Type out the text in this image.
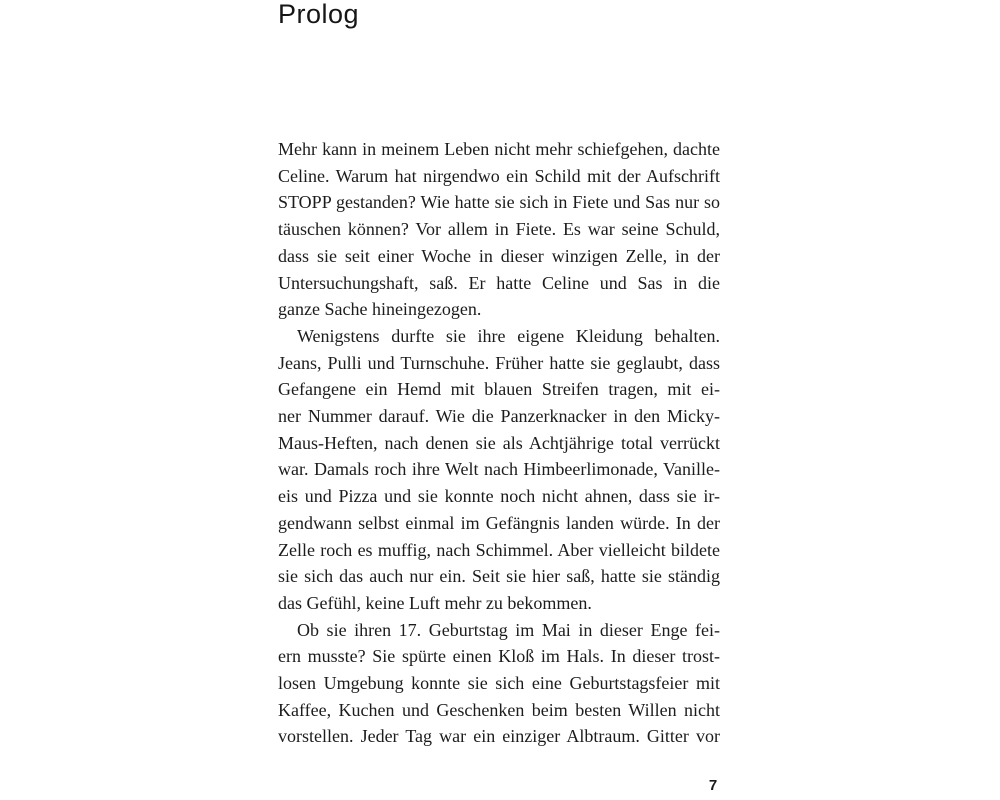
Prolog
Mehr kann in meinem Leben nicht mehr schiefgehen, dachte
Celine. Warum hat nirgendwo ein Schild mit der Aufschrift
STOPP gestanden? Wie hatte sie sich in Fiete und Sas nur so
täuschen können? Vor allem in Fiete. Es war seine Schuld,
dass sie seit einer Woche in dieser winzigen Zelle, in der
Untersuchungshaft, saß. Er hatte Celine und Sas in die
ganze Sache hineingezogen.
Wenigstens durfte sie ihre eigene Kleidung behalten.
Jeans, Pulli und Turnschuhe. Früher hatte sie geglaubt, dass
Gefangene ein Hemd mit blauen Streifen tragen, mit ei-
ner Nummer darauf. Wie die Panzerknacker in den Micky-
Maus-Heften, nach denen sie als Achtjährige total verrückt
war. Damals roch ihre Welt nach Himbeerlimonade, Vanille-
eis und Pizza und sie konnte noch nicht ahnen, dass sie ir-
gendwann selbst einmal im Gefängnis landen würde. In der
Zelle roch es muffig, nach Schimmel. Aber vielleicht bildete
sie sich das auch nur ein. Seit sie hier saß, hatte sie ständig
das Gefühl, keine Luft mehr zu bekommen.
Ob sie ihren 17. Geburtstag im Mai in dieser Enge fei-
ern musste? Sie spürte einen Kloß im Hals. In dieser trost-
losen Umgebung konnte sie sich eine Geburtstagsfeier mit
Kaffee, Kuchen und Geschenken beim besten Willen nicht
vorstellen. Jeder Tag war ein einziger Albtraum. Gitter vor
7
